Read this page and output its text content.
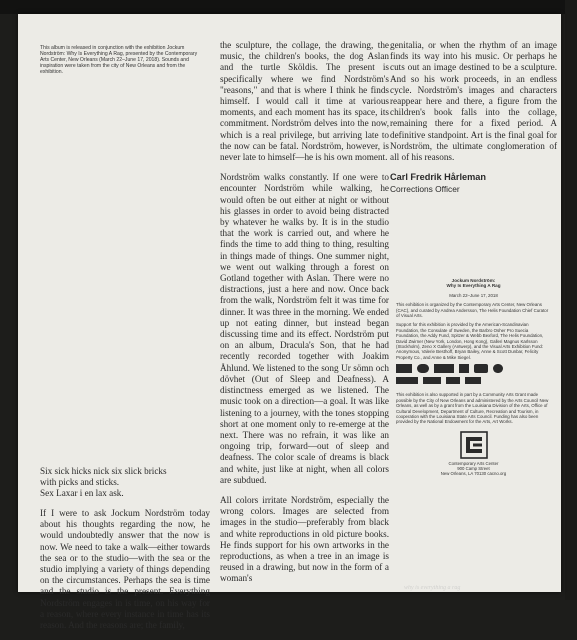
This album is released in conjunction with the exhibition Jockum Nordström: Why Is Everything A Rag, presented by the Contemporary Arts Center, New Orleans (March 22–June 17, 2018). Sounds and inspiration were taken from the city of New Orleans and from the exhibition.
Six sick hicks nick six slick bricks
with picks and sticks.
Sex Laxar i en lax ask.

If I were to ask Jockum Nordström today about his thoughts regarding the now, he would undoubtedly answer that the now is now. We need to take a walk—either towards the sea or to the studio—with the sea or the studio implying a variety of things depending on the circumstances. Perhaps the sea is time and the studio is the present. Everything Nordström engages in is time, on his way for a reason, where every instance in time has its reason. And the reasons are; the family,

the sculpture, the collage, the drawing, the music, the children's books, the dog Aslan and the turtle Sköldis. The present is specifically where we find Nordström's "reasons," and that is where I think he finds himself. I would call it time at various moments, and each moment has its space, its commitment. Nordström delves into the now, which is a real privilege, but arriving late to the now can be fatal. Nordström, however, is never late to himself—he is his own moment.

Nordström walks constantly. If one were to encounter Nordström while walking, he would often be out either at night or without his glasses in order to avoid being distracted by whatever he walks by. It is in the studio that the work is carried out, and where he finds the time to add thing to thing, resulting in things made of things. One summer night, we went out walking through a forest on Gotland together with Aslan. There were no distractions, just a here and now. Once back from the walk, Nordström felt it was time for dinner. It was three in the morning. We ended up not eating dinner, but instead began discussing time and its effect. Nordström put on an album, Dracula's Son, that he had recently recorded together with Joakim Åhlund. We listened to the song Ur sömn och dövhet (Out of Sleep and Deafness). A distinctness emerged as we listened. The music took on a direction—a goal. It was like listening to a journey, with the tones stopping short at one moment only to re-emerge at the next. There was no refrain, it was like an ongoing trip, forward—out of sleep and deafness. The color scale of dreams is black and white, just like at night, when all colors are subdued.

All colors irritate Nordström, especially the wrong colors. Images are selected from images in the studio—preferably from black and white reproductions in old picture books. He finds support for his own artworks in the reproductions, as when a tree in an image is reused in a drawing, but now in the form of a woman's

genitalia, or when the rhythm of an image finds its way into his music. Or perhaps he cuts out an image destined to be a sculpture. And so his work proceeds, in an endless cycle. Nordström's images and characters reappear here and there, a figure from the children's book falls into the collage, remaining there for a fixed period. A definitive standpoint. Art is the final goal for Nordström, the ultimate conglomeration of all of his reasons.

Carl Fredrik Hårleman
Corrections Officer

Jockum Nordström:
Why Is Everything A Rag

March 22–June 17, 2018

This exhibition is organized by the Contemporary Arts Center, New Orleans (CAC), and curated by Andrea Andersson, The Helis Foundation Chief Curator of Visual Arts.

Support for this exhibition is provided by the American-Scandinavian Foundation, the Consulate of Sweden, the Barbro Osher Pro Suecia Foundation, the Addy Fund, Spitzer & Webb Bexford, The Helis Foundation, David Zwirner (New York, London, Hong Kong), Galleri Magnus Karlsson (Stockholm), Zeno X Gallery (Antwerp), and the Visual Arts Exhibition Fund: Anonymous, Valerie Besthoff, Bryan Bailey, Anne & Scott Dunbar, Felicity Property Co., and Anne & Mike Siegel.

This exhibition is also supported in part by a Community Arts Grant made possible by the City of New Orleans and administered by the Arts Council New Orleans, as well as by a grant from the Louisiana Division of the Arts, Office of Cultural Development, Department of Culture, Recreation and Tourism, in cooperation with the Louisiana State Arts Council. Funding has also been provided by the National Endowment for the Arts, Art Works.

Contemporary Arts Center
900 Camp Street
New Orleans, LA 70130 cacno.org
why is everything a rag
